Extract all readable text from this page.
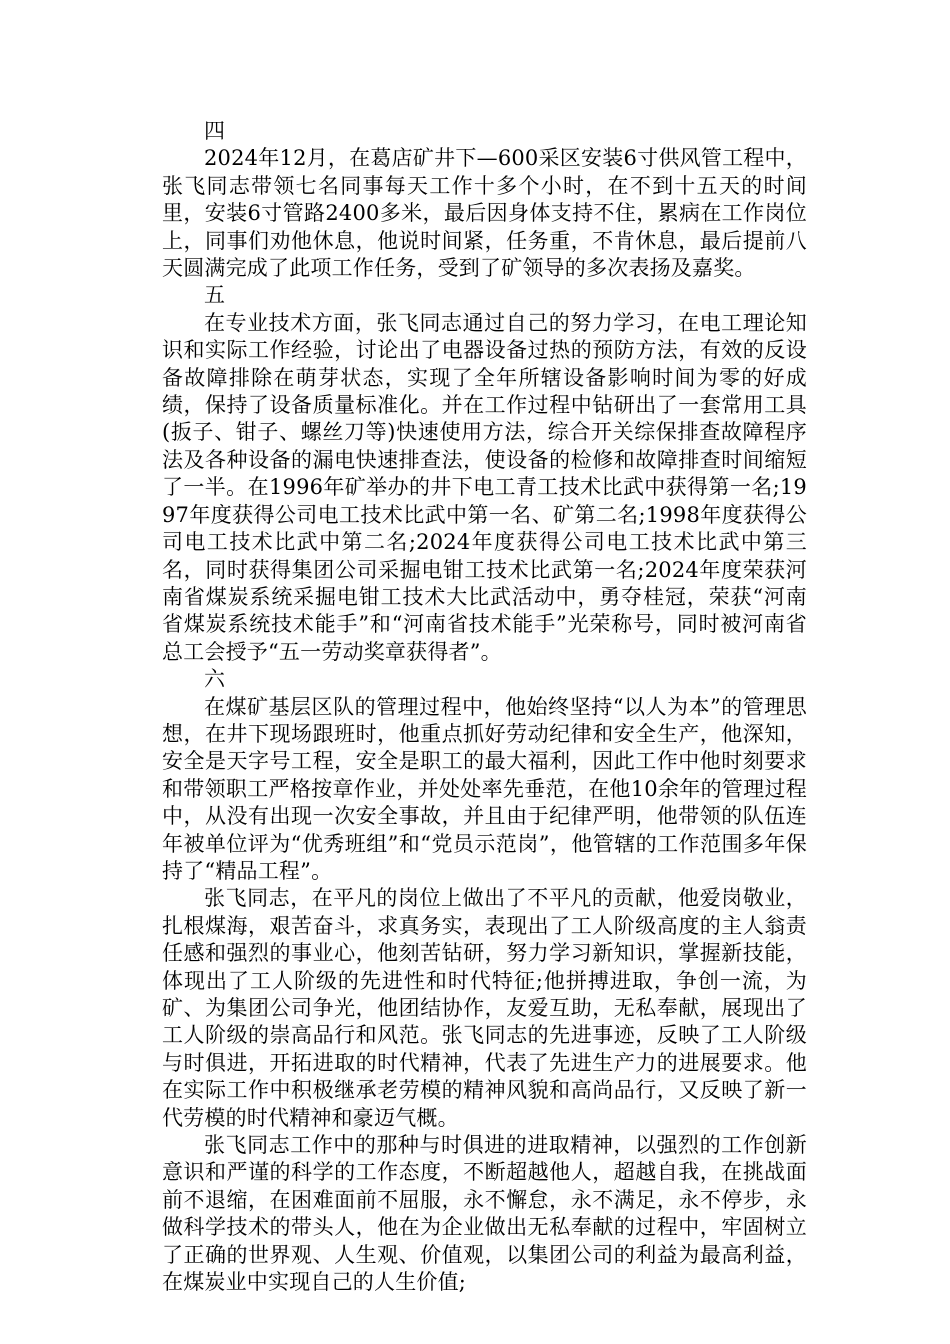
四

2024年12月，在葛店矿井下—600采区安装6寸供风管工程中，张飞同志带领七名同事每天工作十多个小时，在不到十五天的时间里，安装6寸管路2400多米，最后因身体支持不住，累病在工作岗位上，同事们劝他休息，他说时间紧，任务重，不肯休息，最后提前八天圆满完成了此项工作任务，受到了矿领导的多次表扬及嘉奖。

五

在专业技术方面，张飞同志通过自己的努力学习，在电工理论知识和实际工作经验，讨论出了电器设备过热的预防方法，有效的反设备故障排除在萌芽状态，实现了全年所辖设备影响时间为零的好成绩，保持了设备质量标准化。并在工作过程中钻研出了一套常用工具(扳子、钳子、螺丝刀等)快速使用方法，综合开关综保排查故障程序法及各种设备的漏电快速排查法，使设备的检修和故障排查时间缩短了一半。在1996年矿举办的井下电工青工技术比武中获得第一名;1997年度获得公司电工技术比武中第一名、矿第二名;1998年度获得公司电工技术比武中第二名;2024年度获得公司电工技术比武中第三名，同时获得集团公司采掘电钳工技术比武第一名;2024年度荣获河南省煤炭系统采掘电钳工技术大比武活动中，勇夺桂冠，荣获“河南省煤炭系统技术能手”和“河南省技术能手”光荣称号，同时被河南省总工会授予“五一劳动奖章获得者”。

六

在煤矿基层区队的管理过程中，他始终坚持“以人为本”的管理思想，在井下现场跟班时，他重点抓好劳动纪律和安全生产，他深知，安全是天字号工程，安全是职工的最大福利，因此工作中他时刻要求和带领职工严格按章作业，并处处率先垂范，在他10余年的管理过程中，从没有出现一次安全事故，并且由于纪律严明，他带领的队伍连年被单位评为“优秀班组”和“党员示范岗”，他管辖的工作范围多年保持了“精品工程”。

张飞同志，在平凡的岗位上做出了不平凡的贡献，他爱岗敬业，扎根煤海，艰苦奋斗，求真务实，表现出了工人阶级高度的主人翁责任感和强烈的事业心，他刻苦钻研，努力学习新知识，掌握新技能，体现出了工人阶级的先进性和时代特征;他拼搏进取，争创一流，为矿、为集团公司争光，他团结协作，友爱互助，无私奉献，展现出了工人阶级的崇高品行和风范。张飞同志的先进事迹，反映了工人阶级与时俱进，开拓进取的时代精神，代表了先进生产力的进展要求。他在实际工作中积极继承老劳模的精神风貌和高尚品行，又反映了新一代劳模的时代精神和豪迈气概。

张飞同志工作中的那种与时俱进的进取精神，以强烈的工作创新意识和严谨的科学的工作态度，不断超越他人，超越自我，在挑战面前不退缩，在困难面前不屈服，永不懈怠，永不满足，永不停步，永做科学技术的带头人，他在为企业做出无私奉献的过程中，牢固树立了正确的世界观、人生观、价值观，以集团公司的利益为最高利益，在煤炭业中实现自己的人生价值;
